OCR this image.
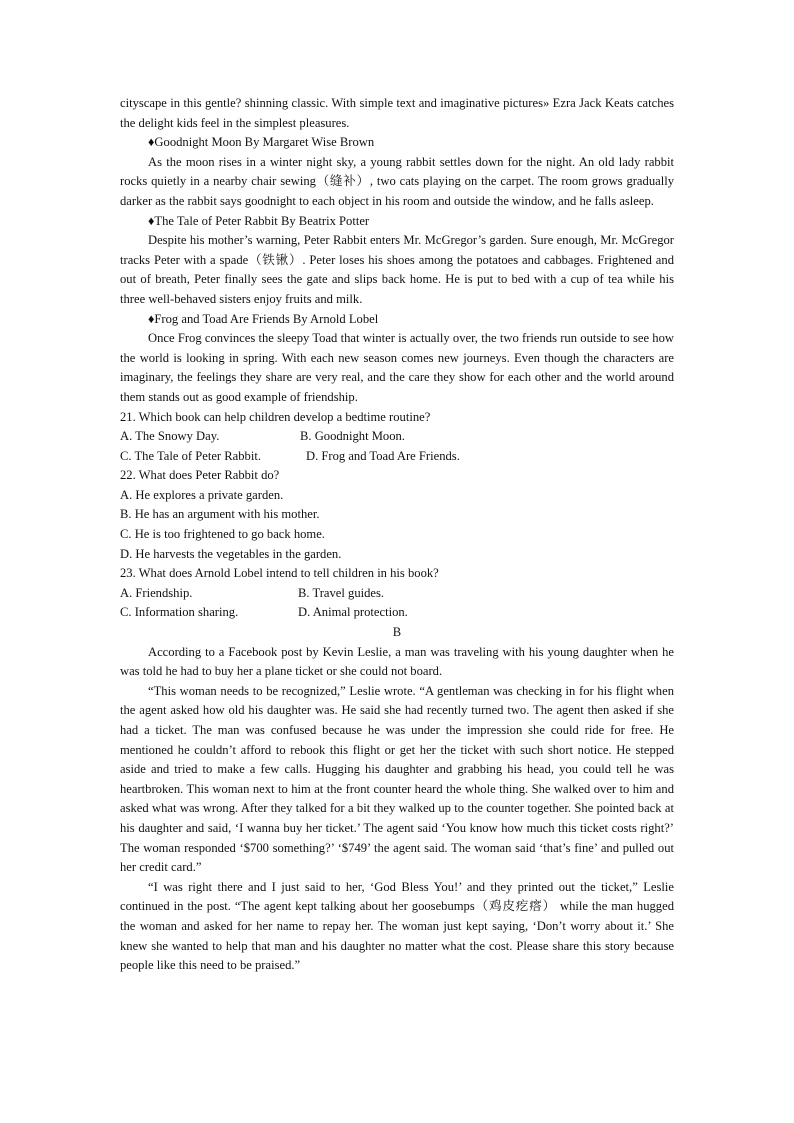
cityscape in this gentle? shinning classic. With simple text and imaginative pictures» Ezra Jack Keats catches the delight kids feel in the simplest pleasures.

♦Goodnight Moon By Margaret Wise Brown

As the moon rises in a winter night sky, a young rabbit settles down for the night. An old lady rabbit rocks quietly in a nearby chair sewing（缝补）, two cats playing on the carpet. The room grows gradually darker as the rabbit says goodnight to each object in his room and outside the window, and he falls asleep.

♦The Tale of Peter Rabbit By Beatrix Potter

Despite his mother’s warning, Peter Rabbit enters Mr. McGregor’s garden. Sure enough, Mr. McGregor tracks Peter with a spade（铁锹）. Peter loses his shoes among the potatoes and cabbages. Frightened and out of breath, Peter finally sees the gate and slips back home. He is put to bed with a cup of tea while his three well-behaved sisters enjoy fruits and milk.

♦Frog and Toad Are Friends By Arnold Lobel

Once Frog convinces the sleepy Toad that winter is actually over, the two friends run outside to see how the world is looking in spring. With each new season comes new journeys. Even though the characters are imaginary, the feelings they share are very real, and the care they show for each other and the world around them stands out as good example of friendship.

21. Which book can help children develop a bedtime routine?

A. The Snowy Day.	B. Goodnight Moon.
C. The Tale of Peter Rabbit.	D. Frog and Toad Are Friends.

22. What does Peter Rabbit do?

A. He explores a private garden.

B. He has an argument with his mother.

C. He is too frightened to go back home.

D. He harvests the vegetables in the garden.

23. What does Arnold Lobel intend to tell children in his book?

A. Friendship.	B. Travel guides.
C. Information sharing.	D. Animal protection.

B

According to a Facebook post by Kevin Leslie, a man was traveling with his young daughter when he was told he had to buy her a plane ticket or she could not board.

“This woman needs to be recognized,” Leslie wrote. “A gentleman was checking in for his flight when the agent asked how old his daughter was. He said she had recently turned two. The agent then asked if she had a ticket. The man was confused because he was under the impression she could ride for free. He mentioned he couldn’t afford to rebook this flight or get her the ticket with such short notice. He stepped aside and tried to make a few calls. Hugging his daughter and grabbing his head, you could tell he was heartbroken. This woman next to him at the front counter heard the whole thing. She walked over to him and asked what was wrong. After they talked for a bit they walked up to the counter together. She pointed back at his daughter and said, ‘I wanna buy her ticket.’ The agent said ‘You know how much this ticket costs right?’ The woman responded ‘$700 something?’ ‘$749’ the agent said. The woman said ‘that’s fine’ and pulled out her credit card.”

“I was right there and I just said to her, ‘God Bless You!’ and they printed out the ticket,” Leslie continued in the post. “The agent kept talking about her goosebumps（鸡皮疙瘩） while the man hugged the woman and asked for her name to repay her. The woman just kept saying, ‘Don’t worry about it.’ She knew she wanted to help that man and his daughter no matter what the cost. Please share this story because people like this need to be praised.”
